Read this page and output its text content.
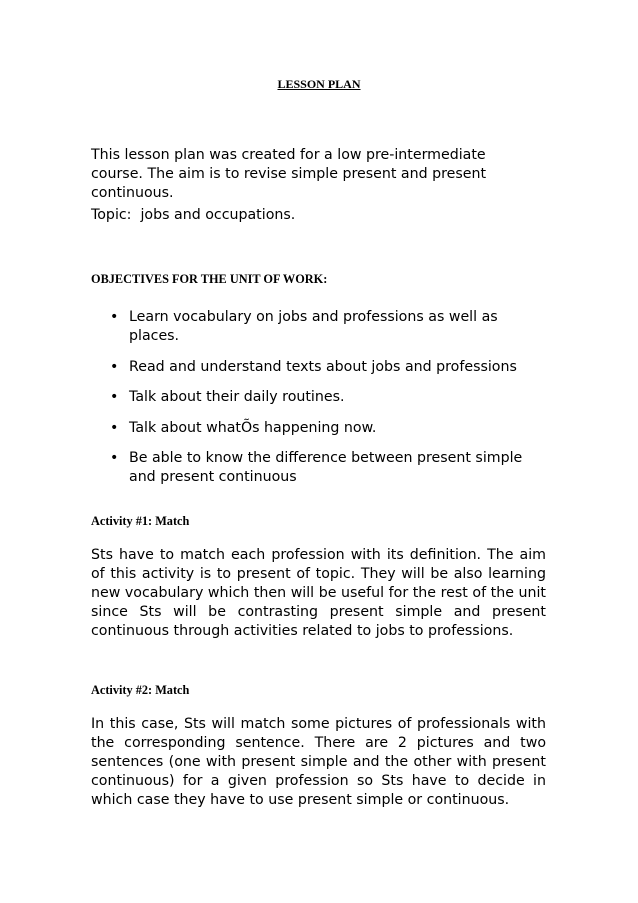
LESSON PLAN

This lesson plan was created for a low pre-intermediate course. The aim is to revise simple present and present continuous.

Topic:  jobs and occupations.

OBJECTIVES FOR THE UNIT OF WORK:

• Learn vocabulary on jobs and professions as well as places.
• Read and understand texts about jobs and professions
• Talk about their daily routines.
• Talk about whatÕs happening now.
• Be able to know the difference between present simple and present continuous

Activity #1: Match

Sts have to match each profession with its definition. The aim of this activity is to present of topic. They will be also learning new vocabulary which then will be useful for the rest of the unit since Sts will be contrasting present simple and present continuous through activities related to jobs to professions.

Activity #2: Match

In this case, Sts will match some pictures of professionals with the corresponding sentence. There are 2 pictures and two sentences (one with present simple and the other with present continuous) for a given profession so Sts have to decide in which case they have to use present simple or continuous.
